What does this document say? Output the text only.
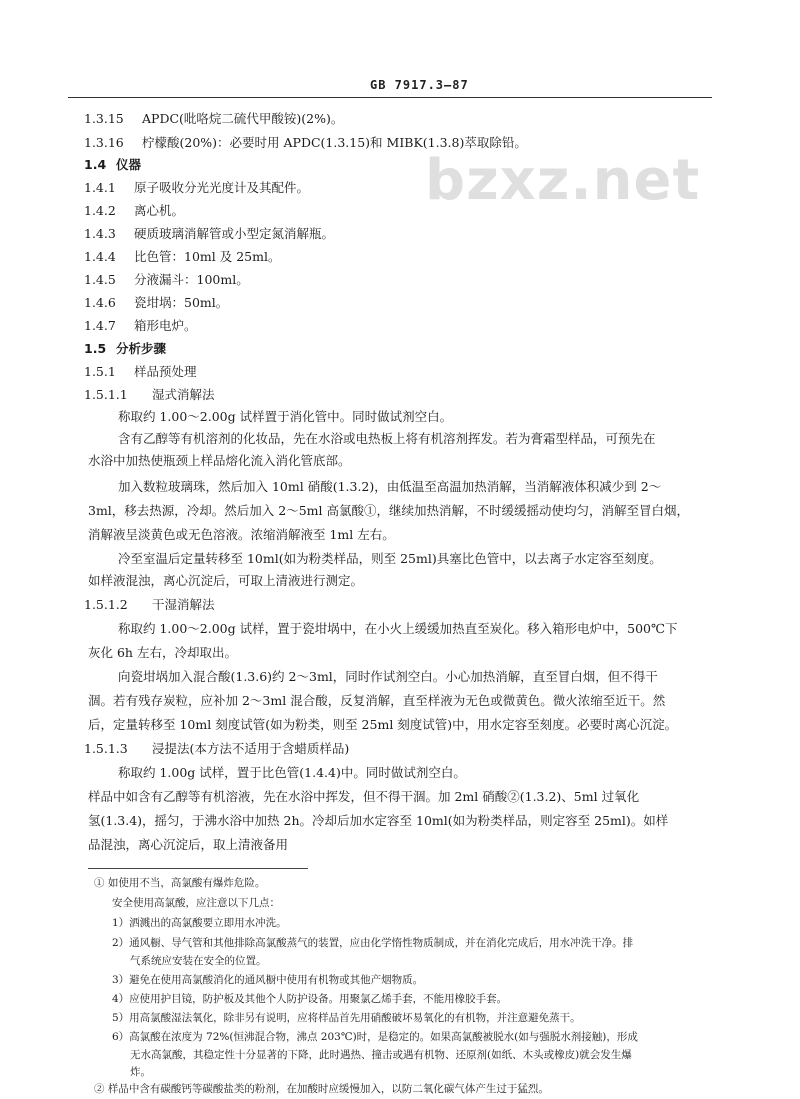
GB 7917.3—87
bzxz.net
1.3.15 APDC(吡咯烷二硫代甲酸铵)(2%)。
1.3.16 柠檬酸(20%)：必要时用 APDC(1.3.15)和 MIBK(1.3.8)萃取除铅。
1.4 仪器
1.4.1 原子吸收分光光度计及其配件。
1.4.2 离心机。
1.4.3 硬质玻璃消解管或小型定氮消解瓶。
1.4.4 比色管：10ml 及 25ml。
1.4.5 分液漏斗：100ml。
1.4.6 瓷坩埚：50ml。
1.4.7 箱形电炉。
1.5 分析步骤
1.5.1 样品预处理
1.5.1.1 湿式消解法
称取约 1.00～2.00g 试样置于消化管中。同时做试剂空白。
含有乙醇等有机溶剂的化妆品，先在水浴或电热板上将有机溶剂挥发。若为膏霜型样品，可预先在
水浴中加热使瓶颈上样品熔化流入消化管底部。
加入数粒玻璃珠，然后加入 10ml 硝酸(1.3.2)，由低温至高温加热消解，当消解液体积减少到 2～
3ml，移去热源，冷却。然后加入 2～5ml 高氯酸①，继续加热消解，不时缓缓摇动使均匀，消解至冒白烟，
消解液呈淡黄色或无色溶液。浓缩消解液至 1ml 左右。
冷至室温后定量转移至 10ml(如为粉类样品，则至 25ml)具塞比色管中，以去离子水定容至刻度。
如样液混浊，离心沉淀后，可取上清液进行测定。
1.5.1.2 干湿消解法
称取约 1.00～2.00g 试样，置于瓷坩埚中，在小火上缓缓加热直至炭化。移入箱形电炉中，500℃下
灰化 6h 左右，冷却取出。
向瓷坩埚加入混合酸(1.3.6)约 2～3ml，同时作试剂空白。小心加热消解，直至冒白烟，但不得干
涸。若有残存炭粒，应补加 2～3ml 混合酸，反复消解，直至样液为无色或微黄色。微火浓缩至近干。然
后，定量转移至 10ml 刻度试管(如为粉类，则至 25ml 刻度试管)中，用水定容至刻度。必要时离心沉淀。
1.5.1.3 浸提法(本方法不适用于含蜡质样品)
称取约 1.00g 试样，置于比色管(1.4.4)中。同时做试剂空白。
样品中如含有乙醇等有机溶液，先在水浴中挥发，但不得干涸。加 2ml 硝酸②(1.3.2)、5ml 过氧化
氢(1.3.4)，摇匀，于沸水浴中加热 2h。冷却后加水定容至 10ml(如为粉类样品，则定容至 25ml)。如样
品混浊，离心沉淀后，取上清液备用
① 如使用不当，高氯酸有爆炸危险。
安全使用高氯酸，应注意以下几点：
1）洒溅出的高氯酸要立即用水冲洗。
2）通风橱、导气管和其他排除高氯酸蒸气的装置，应由化学惰性物质制成，并在消化完成后，用水冲洗干净。排
气系统应安装在安全的位置。
3）避免在使用高氯酸消化的通风橱中使用有机物或其他产烟物质。
4）应使用护目镜，防护板及其他个人防护设备。用聚氯乙烯手套，不能用橡胶手套。
5）用高氯酸湿法氧化，除非另有说明，应将样品首先用硝酸破坏易氧化的有机物，并注意避免蒸干。
6）高氯酸在浓度为 72%(恒沸混合物，沸点 203℃)时，是稳定的。如果高氯酸被脱水(如与强脱水剂接触)，形成
无水高氯酸，其稳定性十分显著的下降，此时遇热、撞击或遇有机物、还原剂(如纸、木头或橡皮)就会发生爆
炸。
② 样品中含有碳酸钙等碳酸盐类的粉剂，在加酸时应缓慢加入，以防二氧化碳气体产生过于猛烈。
